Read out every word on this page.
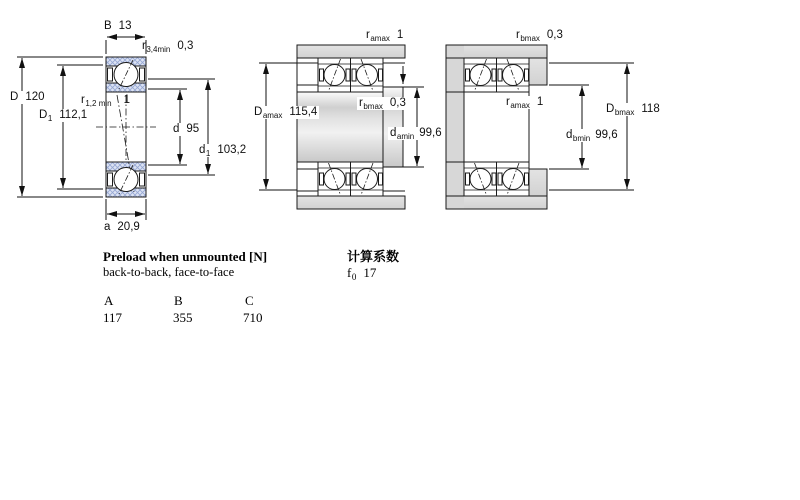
B 13
$r_{3,4min}$ 0,3
D 120
$D_1$ 112,1
$r_{1,2 min}$ 1
d 95
$d_1$ 103,2
a 20,9
$r_{amax}$ 1
$D_{amax}$ 115,4
$r_{bmax}$ 0,3
$d_{amin}$ 99,6
$r_{bmax}$ 0,3
$r_{amax}$ 1
$D_{bmax}$ 118
$d_{bmin}$ 99,6
Preload when unmounted [N]
back-to-back, face-to-face
A	B	C
117	355	710
计算系数
$f_0$ 17
